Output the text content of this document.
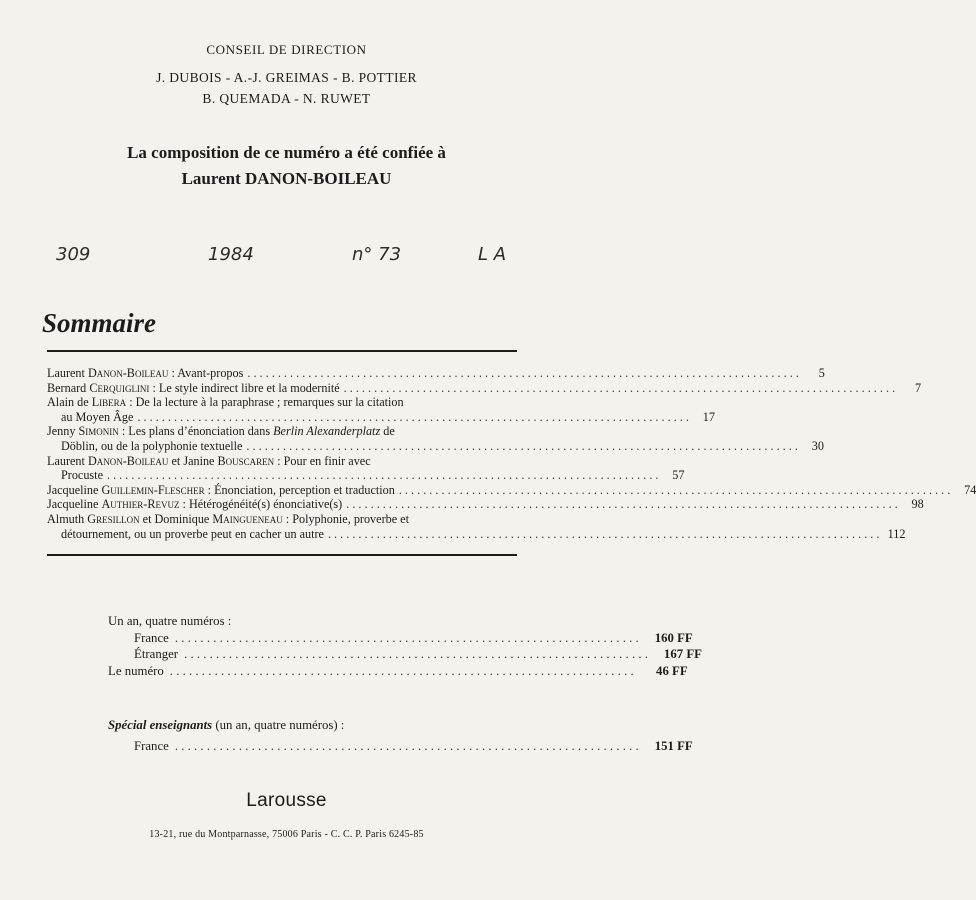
CONSEIL DE DIRECTION
J. DUBOIS - A.-J. GREIMAS - B. POTTIER
B. QUEMADA - N. RUWET
La composition de ce numéro a été confiée à
Laurent DANON-BOILEAU
309	1984	n° 73	L A
Sommaire
Laurent Danon-Boileau : Avant-propos . . .	5
Bernard Cerquiglini : Le style indirect libre et la modernité . . .	7
Alain de Libera : De la lecture à la paraphrase ; remarques sur la citation
au Moyen Âge . . .	17
Jenny Simonin : Les plans d’énonciation dans Berlin Alexanderplatz de
Döblin, ou de la polyphonie textuelle . . .	30
Laurent Danon-Boileau et Janine Bouscaren : Pour en finir avec
Procuste . . .	57
Jacqueline Guillemin-Flescher : Énonciation, perception et traduction . . .	74
Jacqueline Authier-Revuz : Hétérogénéité(s) énonciative(s) . . .	98
Almuth Gresillon et Dominique Maingueneau : Polyphonie, proverbe et
détournement, ou un proverbe peut en cacher un autre . . .	112
Un an, quatre numéros :
France . . .	160 FF
Étranger . . .	167 FF
Le numéro . . .	46 FF
Spécial enseignants (un an, quatre numéros) :
France . . .	151 FF
Larousse
13-21, rue du Montparnasse, 75006 Paris - C. C. P. Paris 6245-85
